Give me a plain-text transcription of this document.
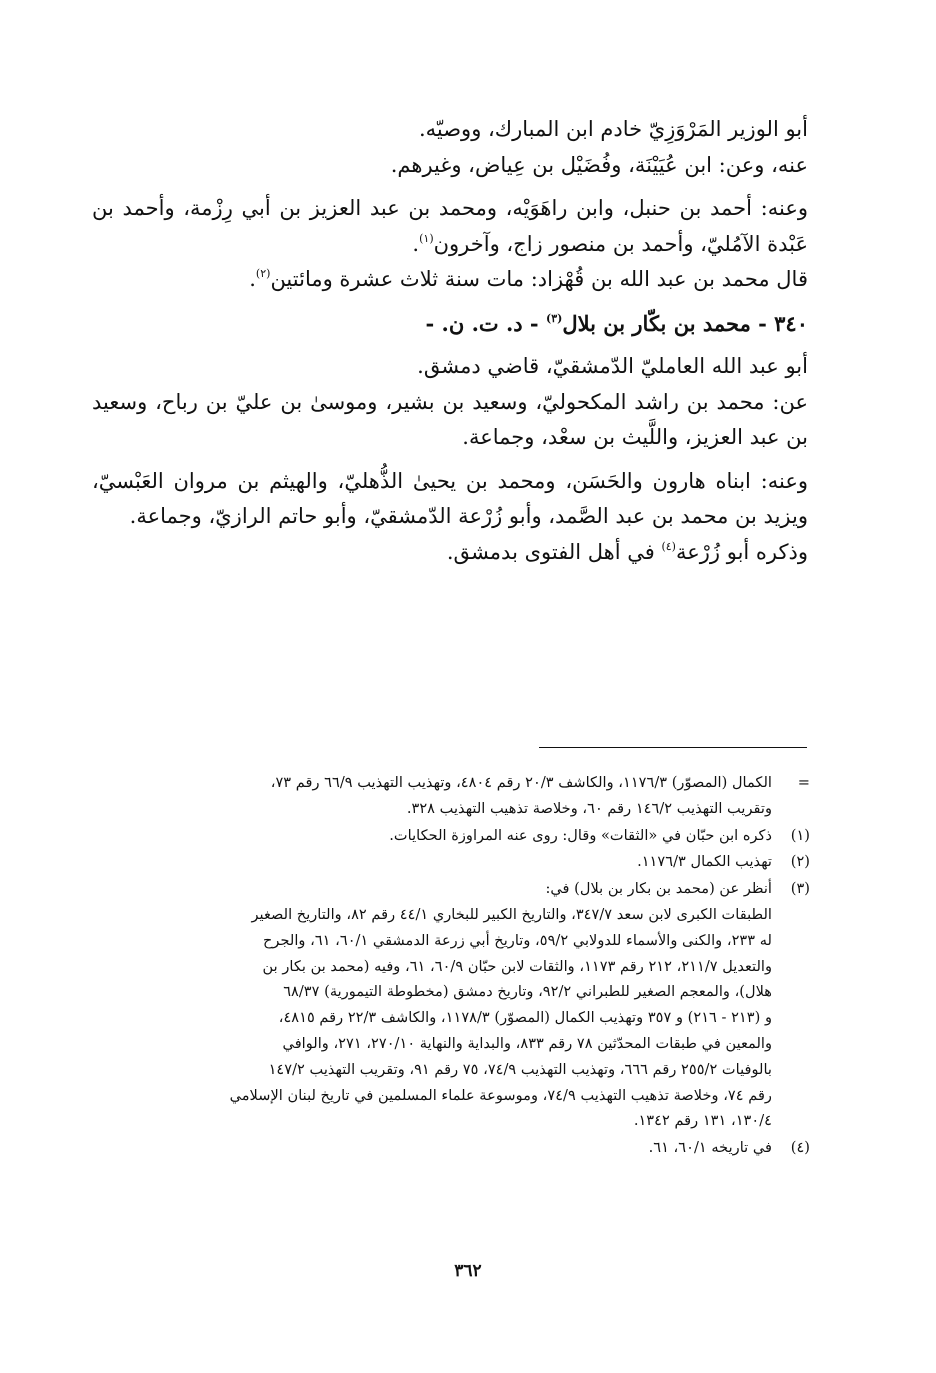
أبو الوزير المَرْوَزِيّ خادم ابن المبارك، ووصيّه.

عنه، وعن: ابن عُيَيْنَة، وفُضَيْل بن عِياض، وغيرهم.

وعنه: أحمد بن حنبل، وابن راهَوَيْه، ومحمد بن عبد العزيز بن أبي رِزْمة، وأحمد بن عَبْدة الآمُليّ، وأحمد بن منصور زاج، وآخرون$^{(١)}$.

قال محمد بن عبد الله بن قُهْزاد: مات سنة ثلاث عشرة ومائتين$^{(٢)}$.

٣٤٠ - محمد بن بكّار بن بلال$^{(٣)}$ - د. ت. ن. -

أبو عبد الله العامليّ الدّمشقيّ، قاضي دمشق.

عن: محمد بن راشد المكحوليّ، وسعيد بن بشير، وموسىٰ بن عليّ بن رباح، وسعيد بن عبد العزيز، واللَّيث بن سعْد، وجماعة.

وعنه: ابناه هارون والحَسَن، ومحمد بن يحيىٰ الذُّهليّ، والهيثم بن مروان العَبْسيّ، ويزيد بن محمد بن عبد الصَّمد، وأبو زُرْعة الدّمشقيّ، وأبو حاتم الرازيّ، وجماعة.

وذكره أبو زُرْعة$^{(٤)}$ في أهل الفتوى بدمشق.

=
الكمال (المصوّر) ١١٧٦/٣، والكاشف ٢٠/٣ رقم ٤٨٠٤، وتهذيب التهذيب ٦٦/٩ رقم ٧٣،
وتقريب التهذيب ١٤٦/٢ رقم ٦٠، وخلاصة تذهيب التهذيب ٣٢٨.
(١)
ذكره ابن حبّان في «الثقات» وقال: روى عنه المراوزة الحكايات.
(٢)
تهذيب الكمال ١١٧٦/٣.
(٣)
أنظر عن (محمد بن بكار بن بلال) في:
الطبقات الكبرى لابن سعد ٣٤٧/٧، والتاريخ الكبير للبخاري ٤٤/١ رقم ٨٢، والتاريخ الصغير
له ٢٣٣، والكنى والأسماء للدولابي ٥٩/٢، وتاريخ أبي زرعة الدمشقي ٦٠/١، ٦١، والجرح
والتعديل ٢١١/٧، ٢١٢ رقم ١١٧٣، والثقات لابن حبّان ٦٠/٩، ٦١، وفيه (محمد بن بكار بن
هلال)، والمعجم الصغير للطبراني ٩٢/٢، وتاريخ دمشق (مخطوطة التيمورية) ٦٨/٣٧
و (٢١٣ - ٢١٦) و ٣٥٧ وتهذيب الكمال (المصوّر) ١١٧٨/٣، والكاشف ٢٢/٣ رقم ٤٨١٥،
والمعين في طبقات المحدّثين ٧٨ رقم ٨٣٣، والبداية والنهاية ٢٧٠/١٠، ٢٧١، والوافي
بالوفيات ٢٥٥/٢ رقم ٦٦٦، وتهذيب التهذيب ٧٤/٩، ٧٥ رقم ٩١، وتقريب التهذيب ١٤٧/٢
رقم ٧٤، وخلاصة تذهيب التهذيب ٧٤/٩، وموسوعة علماء المسلمين في تاريخ لبنان الإسلامي
١٣٠/٤، ١٣١ رقم ١٣٤٢.
(٤)
في تاريخه ٦٠/١، ٦١.
٣٦٢
